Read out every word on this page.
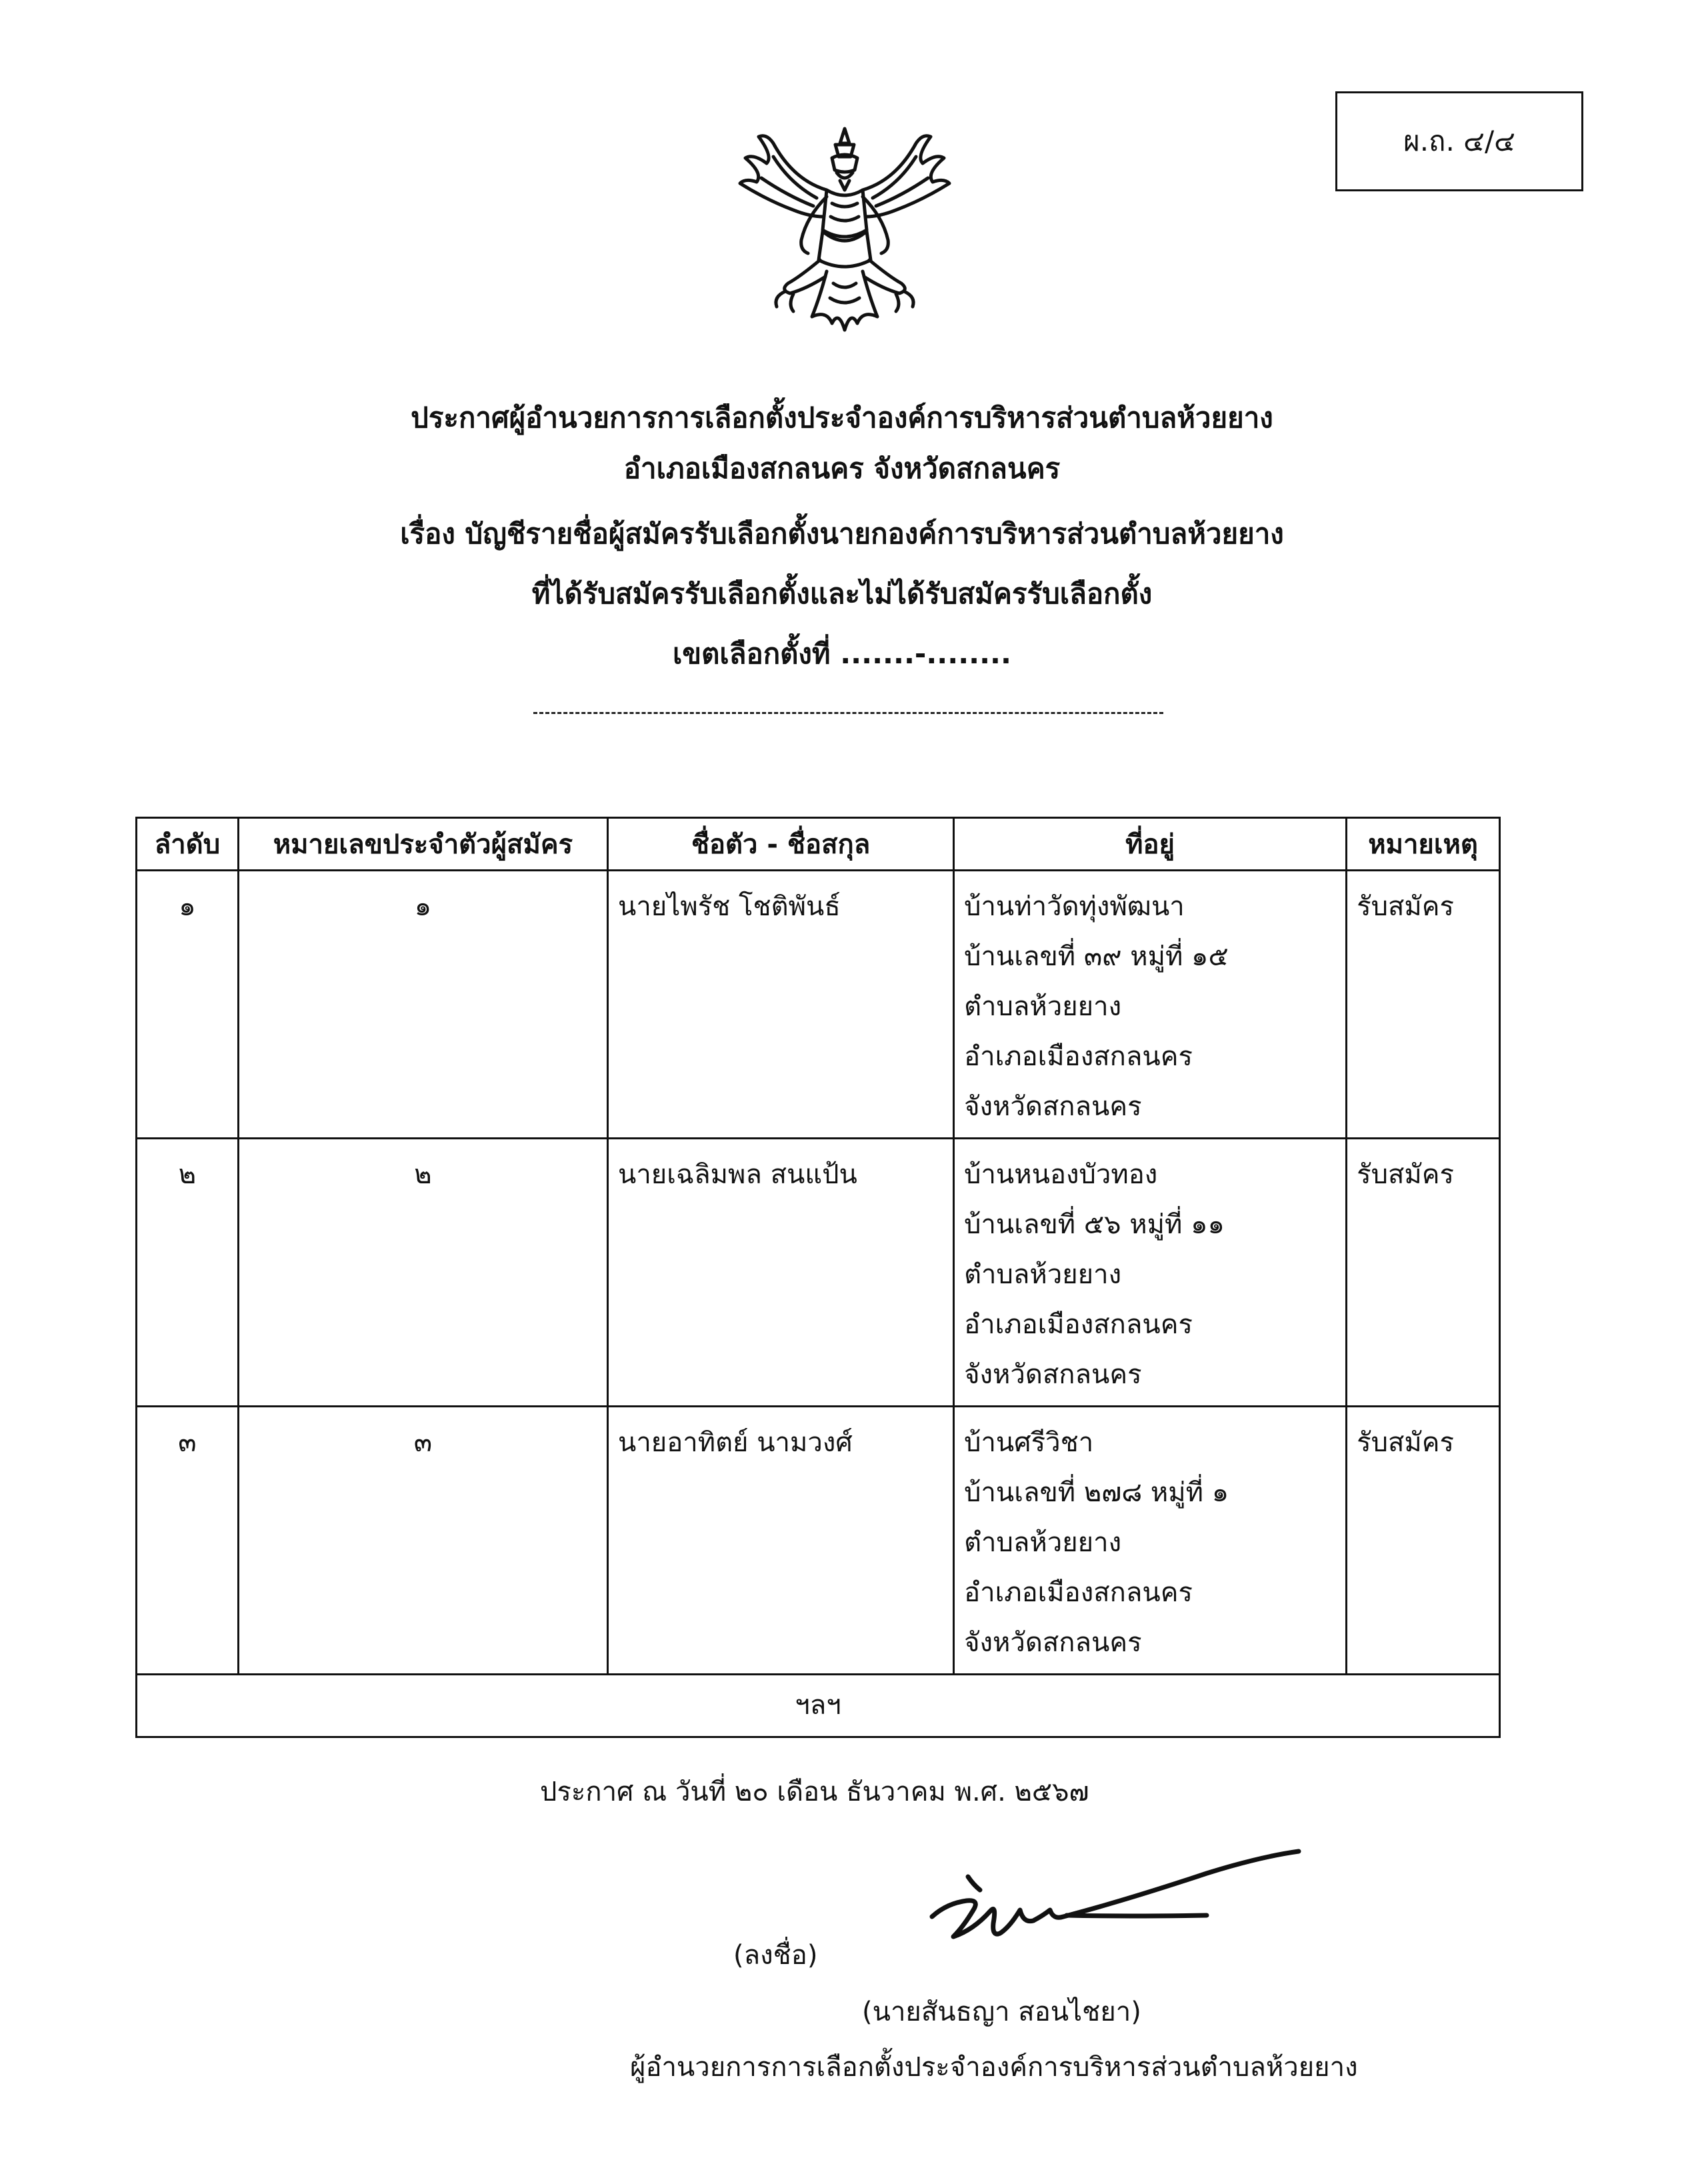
ผ.ถ. ๔/๔
ประกาศผู้อำนวยการการเลือกตั้งประจำองค์การบริหารส่วนตำบลห้วยยาง
อำเภอเมืองสกลนคร จังหวัดสกลนคร
เรื่อง บัญชีรายชื่อผู้สมัครรับเลือกตั้งนายกองค์การบริหารส่วนตำบลห้วยยาง
ที่ได้รับสมัครรับเลือกตั้งและไม่ได้รับสมัครรับเลือกตั้ง
เขตเลือกตั้งที่ .......-........
ลำดับ	หมายเลขประจำตัวผู้สมัคร	ชื่อตัว - ชื่อสกุล	ที่อยู่	หมายเหตุ
๑	๑	นายไพรัช โชติพันธ์	บ้านท่าวัดทุ่งพัฒนา
บ้านเลขที่ ๓๙ หมู่ที่ ๑๕
ตำบลห้วยยาง
อำเภอเมืองสกลนคร
จังหวัดสกลนคร	รับสมัคร
๒	๒	นายเฉลิมพล สนแป้น	บ้านหนองบัวทอง
บ้านเลขที่ ๕๖ หมู่ที่ ๑๑
ตำบลห้วยยาง
อำเภอเมืองสกลนคร
จังหวัดสกลนคร	รับสมัคร
๓	๓	นายอาทิตย์ นามวงศ์	บ้านศรีวิชา
บ้านเลขที่ ๒๗๘ หมู่ที่ ๑
ตำบลห้วยยาง
อำเภอเมืองสกลนคร
จังหวัดสกลนคร	รับสมัคร
ฯลฯ				
ประกาศ ณ วันที่ ๒๐ เดือน ธันวาคม พ.ศ. ๒๕๖๗
(ลงชื่อ)
(นายสันธญา สอนไชยา)
ผู้อำนวยการการเลือกตั้งประจำองค์การบริหารส่วนตำบลห้วยยาง
